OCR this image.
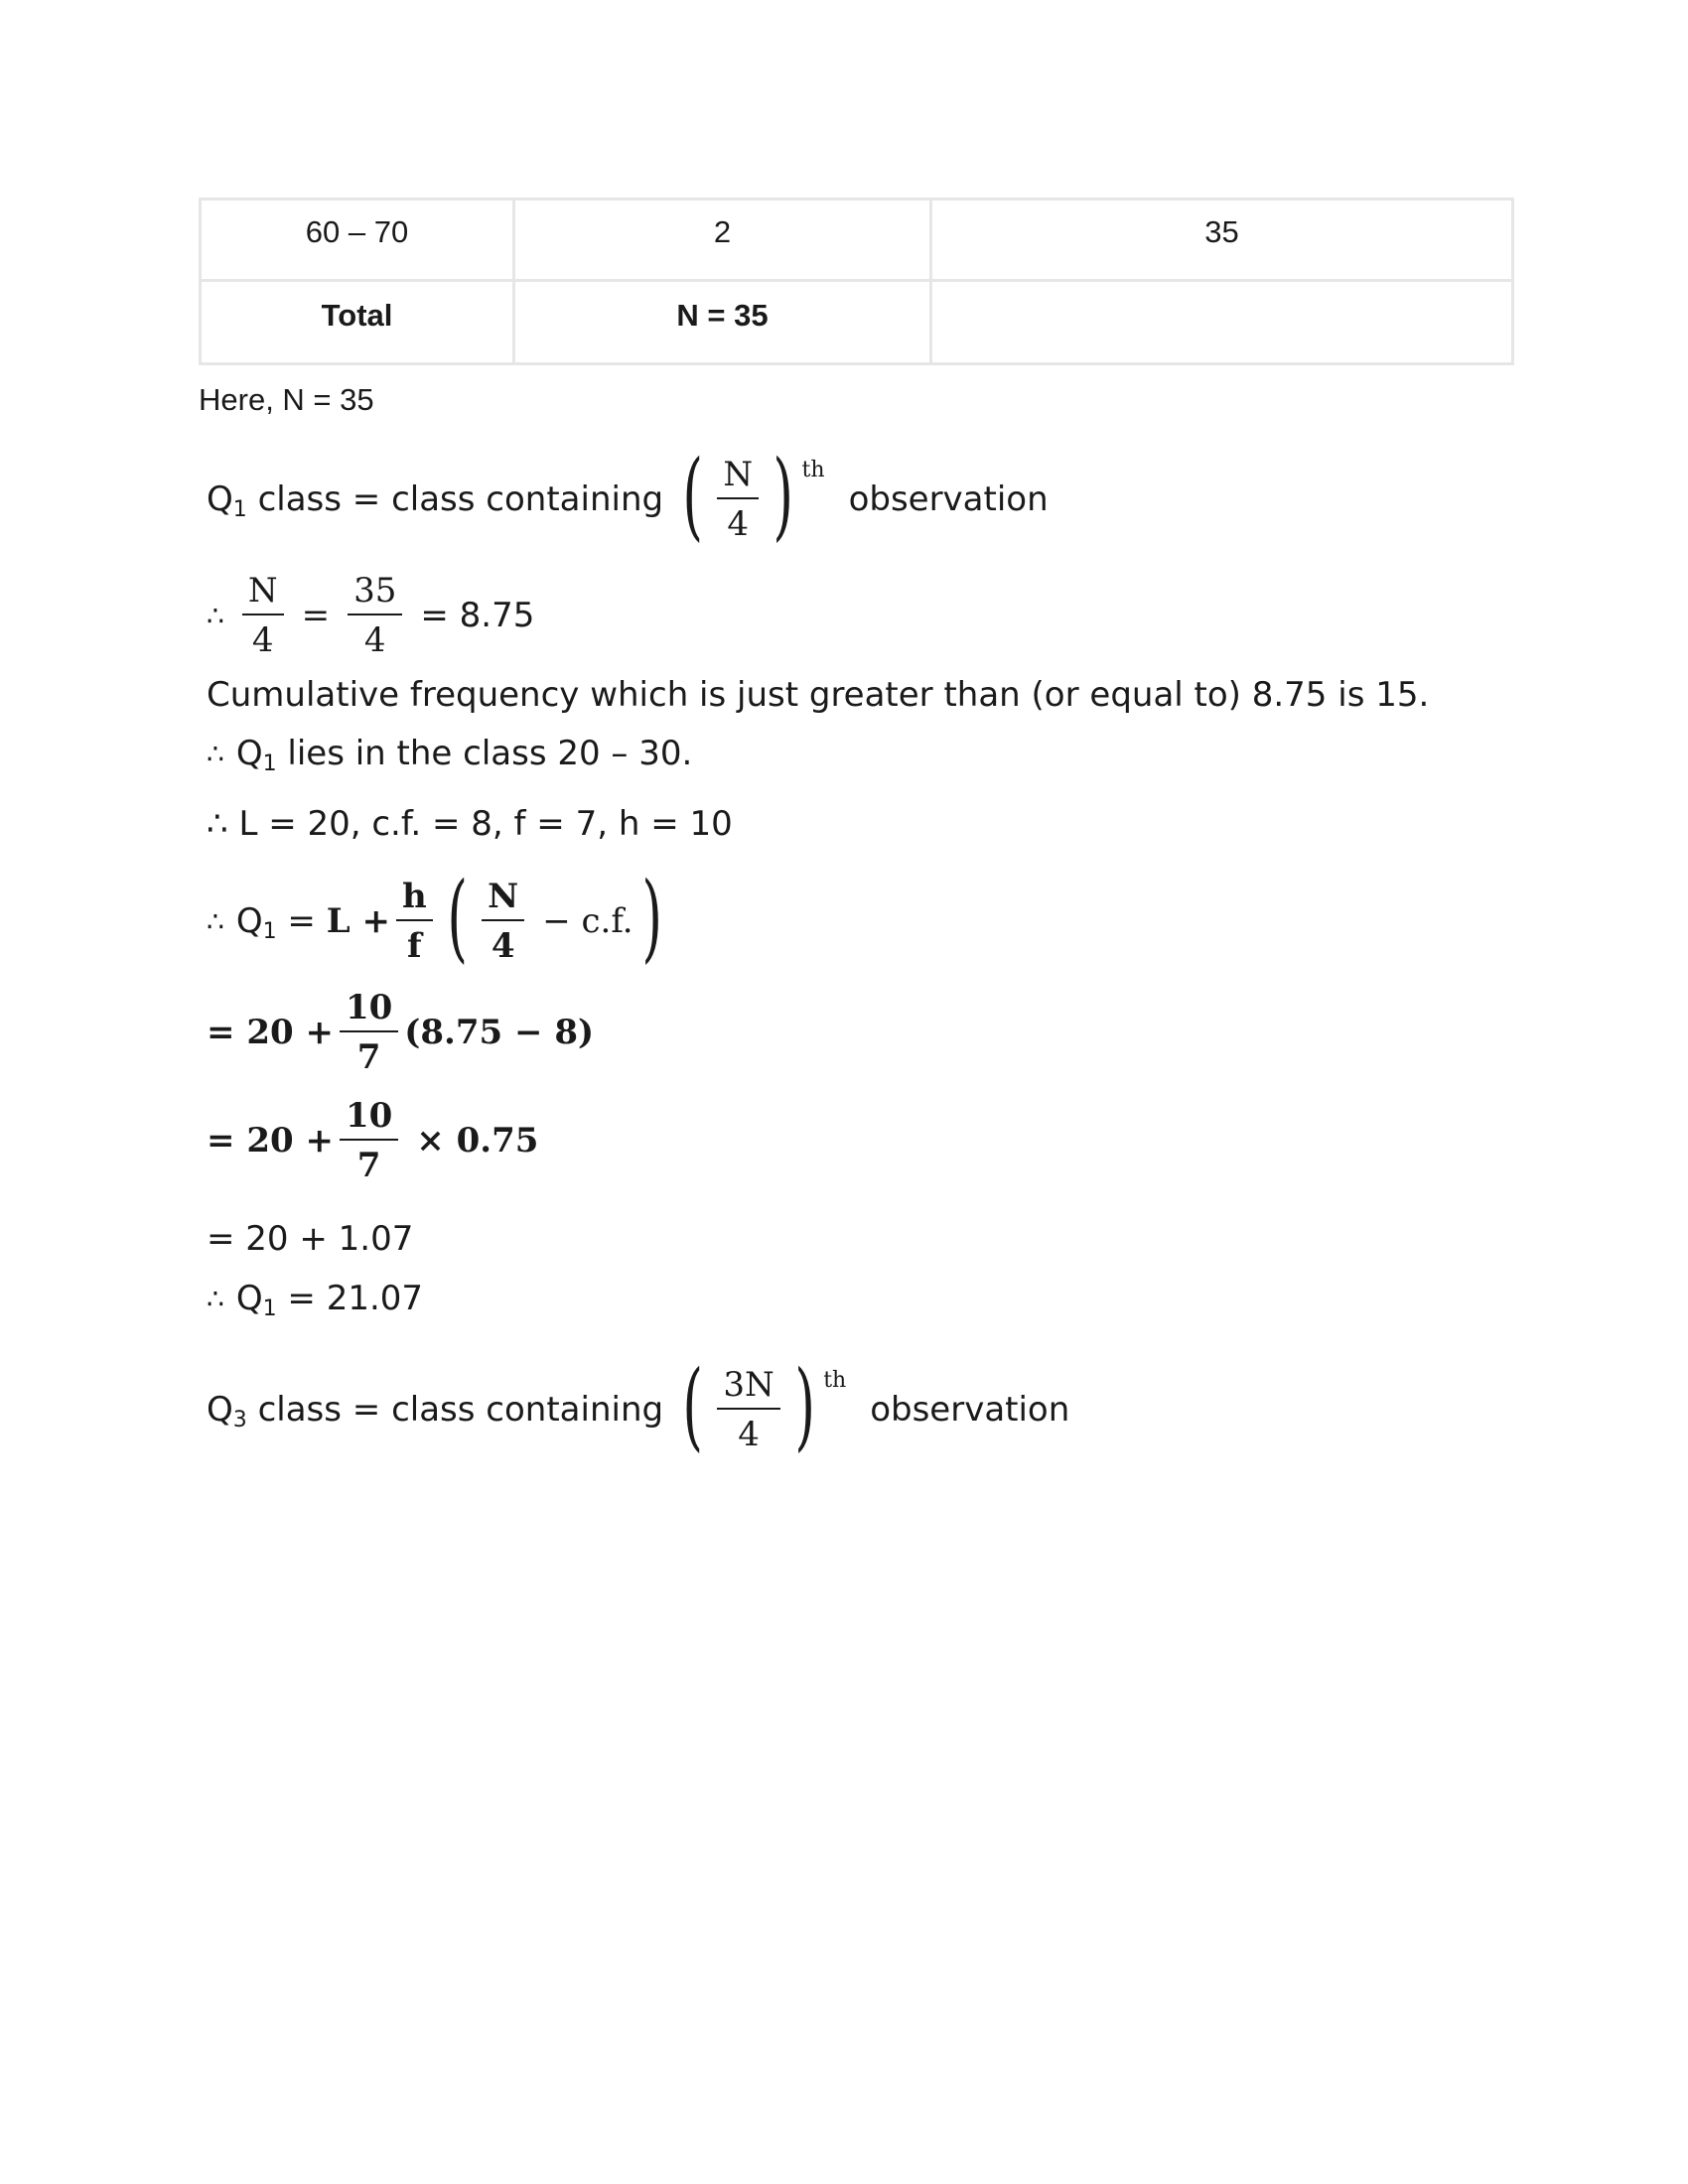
60 – 70	2	35
Total	N = 35	
Here, N = 35
Q 1 class = class containing ( $\frac{N}{4}$ ) th
observation
∴ $\frac{N}{4} = \frac{35}{4} = 8.75$
Cumulative frequency which is just greater than (or equal to) 8.75 is 15.
∴ Q 1 lies in the class 20 – 30.
∴ L = 20, c.f. = 8, f = 7, h = 10
∴ Q $1 = L + \frac{h}{f}$ ( $\frac{N}{4} - c.f$. )
= $20 + \frac{10}{7} (8.75 - 8)$
= $20 + \frac{10}{7} \times 0.75$
= 20 + 1.07
∴ Q 1 = 21.07
Q 3 class = class containing ( $\frac{3N}{4}$ ) th
observation
